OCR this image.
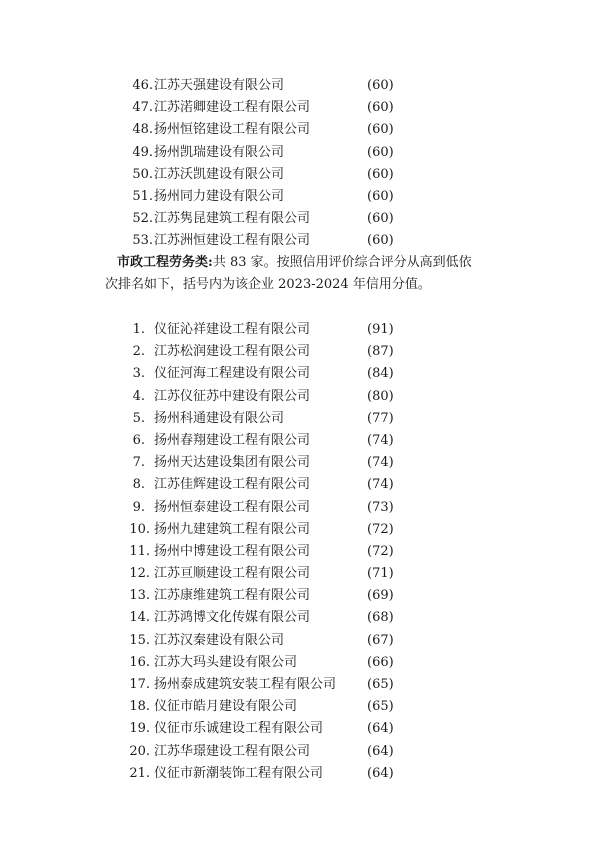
46. 江苏天强建设有限公司	(60)
47. 江苏渃卿建设工程有限公司	(60)
48. 扬州恒铭建设工程有限公司	(60)
49. 扬州凯瑞建设有限公司	(60)
50. 江苏沃凯建设有限公司	(60)
51. 扬州同力建设有限公司	(60)
52. 江苏隽昆建筑工程有限公司	(60)
53. 江苏洲恒建设工程有限公司	(60)
市政工程劳务类:共 83 家。按照信用评价综合评分从高到低依
次排名如下，括号内为该企业 2023-2024 年信用分值。
1. 仪征沁祥建设工程有限公司	(91)
2. 江苏松润建设工程有限公司	(87)
3. 仪征河海工程建设有限公司	(84)
4. 江苏仪征苏中建设有限公司	(80)
5. 扬州科通建设有限公司	(77)
6. 扬州春翔建设工程有限公司	(74)
7. 扬州天达建设集团有限公司	(74)
8. 江苏佳辉建设工程有限公司	(74)
9. 扬州恒泰建设工程有限公司	(73)
10. 扬州九建建筑工程有限公司	(72)
11. 扬州中博建设工程有限公司	(72)
12. 江苏亘顺建设工程有限公司	(71)
13. 江苏康维建筑工程有限公司	(69)
14. 江苏鸿博文化传媒有限公司	(68)
15. 江苏汉秦建设有限公司	(67)
16. 江苏大玛头建设有限公司	(66)
17. 扬州泰成建筑安装工程有限公司 (65)
18. 仪征市皓月建设有限公司	(65)
19. 仪征市乐诚建设工程有限公司	(64)
20. 江苏华璟建设工程有限公司	(64)
21. 仪征市新潮装饰工程有限公司	(64)
